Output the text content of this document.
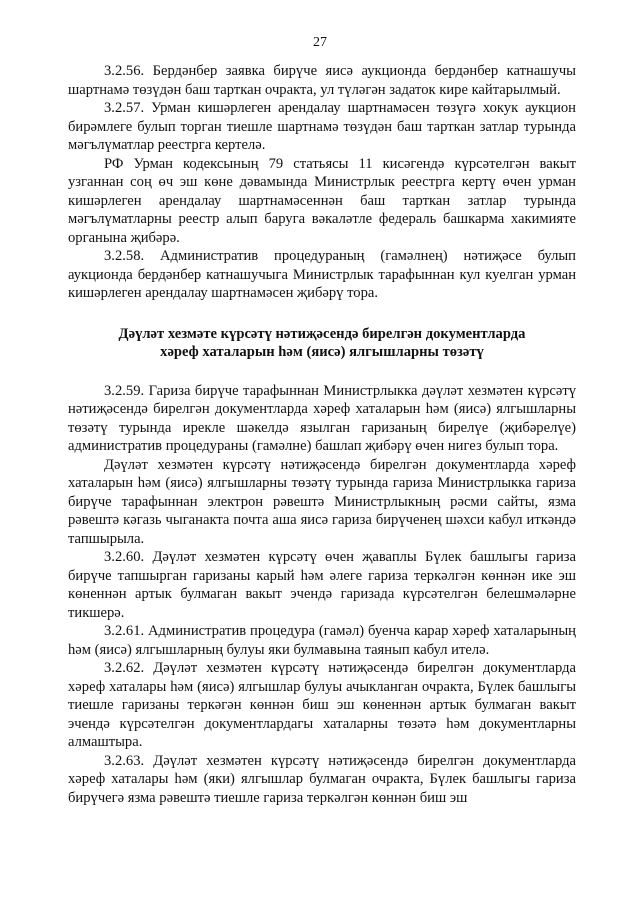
27

3.2.56. Бердәнбер заявка бирүче яисә аукционда бердәнбер катнашучы шартнамә төзүдән баш тарткан очракта, ул түләгән задаток кире кайтарылмый.

3.2.57. Урман кишәрлеген арендалау шартнамәсен төзүгә хокук аукцион бирәмлеге булып торган тиешле шартнамә төзүдән баш тарткан затлар турында мәгълүматлар реестрга кертелә.

РФ Урман кодексының 79 статьясы 11 кисәгендә күрсәтелгән вакыт узганнан соң өч эш көне дәвамында Министрлык реестрга кертү өчен урман кишәрлеген арендалау шартнамәсеннән баш тарткан затлар турында мәгълүматларны реестр алып баругa вәкаләтле федераль башкарма хакимияте органына җибәрә.

3.2.58. Административ процедураның (гамәлнең) нәтиҗәсе булып аукционда бердәнбер катнашучыга Министрлык тарафыннан кул куелган урман кишәрлеген арендалау шартнамәсен җибәрү тора.

Дәүләт хезмәте күрсәтү нәтиҗәсендә бирелгән документларда
хәреф хаталарын һәм (яисә) ялгышларны төзәтү

3.2.59. Гариза бирүче тарафыннан Министрлыкка дәүләт хезмәтен күрсәтү нәтиҗәсендә бирелгән документларда хәреф хаталарын һәм (яисә) ялгышларны төзәтү турында ирекле шәкелдә язылган гаризаның бирелүе (җибәрелүе) административ процедураны (гамәлне) башлап җибәрү өчен нигез булып тора.

Дәүләт хезмәтен күрсәтү нәтиҗәсендә бирелгән документларда хәреф хаталарын һәм (яисә) ялгышларны төзәтү турында гариза Министрлыкка гариза бирүче тарафыннан электрон рәвештә Министрлыкның рәсми сайты, язма рәвештә кәгазь чыганакта почта аша яисә гариза бирүченең шәхси кабул иткәндә тапшырыла.

3.2.60. Дәүләт хезмәтен күрсәтү өчен җаваплы Бүлек башлыгы гариза бирүче тапшырган гаризаны карый һәм әлеге гариза теркәлгән көннән ике эш көненнән артык булмаган вакыт эчендә гаризада күрсәтелгән белешмәләрне тикшерә.

3.2.61. Административ процедура (гамәл) буенча карар хәреф хаталарының һәм (яисә) ялгышларның булуы яки булмавына таянып кабул ителә.

3.2.62. Дәүләт хезмәтен күрсәтү нәтиҗәсендә бирелгән документларда хәреф хаталары һәм (яисә) ялгышлар булуы ачыкланган очракта, Бүлек башлыгы тиешле гаризаны теркәгән көннән биш эш көненнән артык булмаган вакыт эчендә күрсәтелгән документлардагы хаталарны төзәтә һәм документларны алмаштыра.

3.2.63. Дәүләт хезмәтен күрсәтү нәтиҗәсендә бирелгән документларда хәреф хаталары һәм (яки) ялгышлар булмаган очракта, Бүлек башлыгы гариза бирүчегә язма рәвештә тиешле гариза теркәлгән көннән биш эш
